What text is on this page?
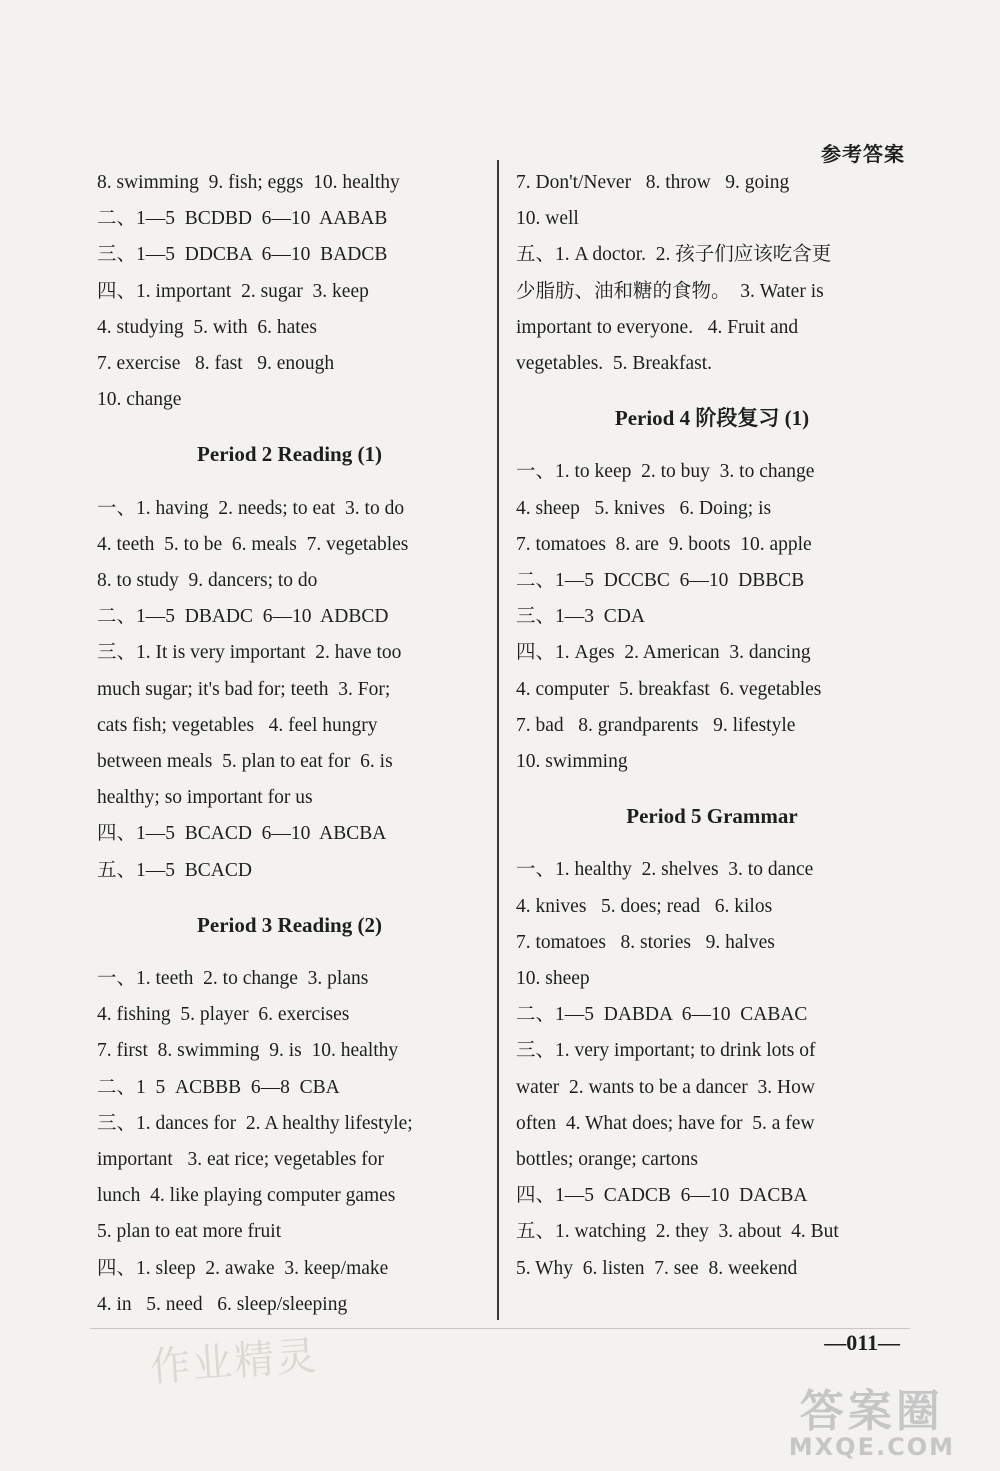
参考答案
8. swimming  9. fish; eggs  10. healthy
二、1—5  BCDBD  6—10  AABAB
三、1—5  DDCBA  6—10  BADCB
四、1. important  2. sugar  3. keep
4. studying  5. with  6. hates
7. exercise   8. fast   9. enough
10. change
Period 2 Reading (1)
一、1. having  2. needs; to eat  3. to do
4. teeth  5. to be  6. meals  7. vegetables
8. to study  9. dancers; to do
二、1—5  DBADC  6—10  ADBCD
三、1. It is very important  2. have too
much sugar; it's bad for; teeth  3. For;
cats fish; vegetables   4. feel hungry
between meals  5. plan to eat for  6. is
healthy; so important for us
四、1—5  BCACD  6—10  ABCBA
五、1—5  BCACD
Period 3 Reading (2)
一、1. teeth  2. to change  3. plans
4. fishing  5. player  6. exercises
7. first  8. swimming  9. is  10. healthy
二、1  5  ACBBB  6—8  CBA
三、1. dances for  2. A healthy lifestyle;
important   3. eat rice; vegetables for
lunch  4. like playing computer games
5. plan to eat more fruit
四、1. sleep  2. awake  3. keep/make
4. in   5. need   6. sleep/sleeping
7. Don't/Never   8. throw   9. going
10. well
五、1. A doctor.  2. 孩子们应该吃含更
少脂肪、油和糖的食物。  3. Water is
important to everyone.   4. Fruit and
vegetables.  5. Breakfast.
Period 4 阶段复习 (1)
一、1. to keep  2. to buy  3. to change
4. sheep   5. knives   6. Doing; is
7. tomatoes  8. are  9. boots  10. apple
二、1—5  DCCBC  6—10  DBBCB
三、1—3  CDA
四、1. Ages  2. American  3. dancing
4. computer  5. breakfast  6. vegetables
7. bad   8. grandparents   9. lifestyle
10. swimming
Period 5 Grammar
一、1. healthy  2. shelves  3. to dance
4. knives   5. does; read   6. kilos
7. tomatoes   8. stories   9. halves
10. sheep
二、1—5  DABDA  6—10  CABAC
三、1. very important; to drink lots of
water  2. wants to be a dancer  3. How
often  4. What does; have for  5. a few
bottles; orange; cartons
四、1—5  CADCB  6—10  DACBA
五、1. watching  2. they  3. about  4. But
5. Why  6. listen  7. see  8. weekend
—011—
作业精灵
答案圈
MXQE.COM
